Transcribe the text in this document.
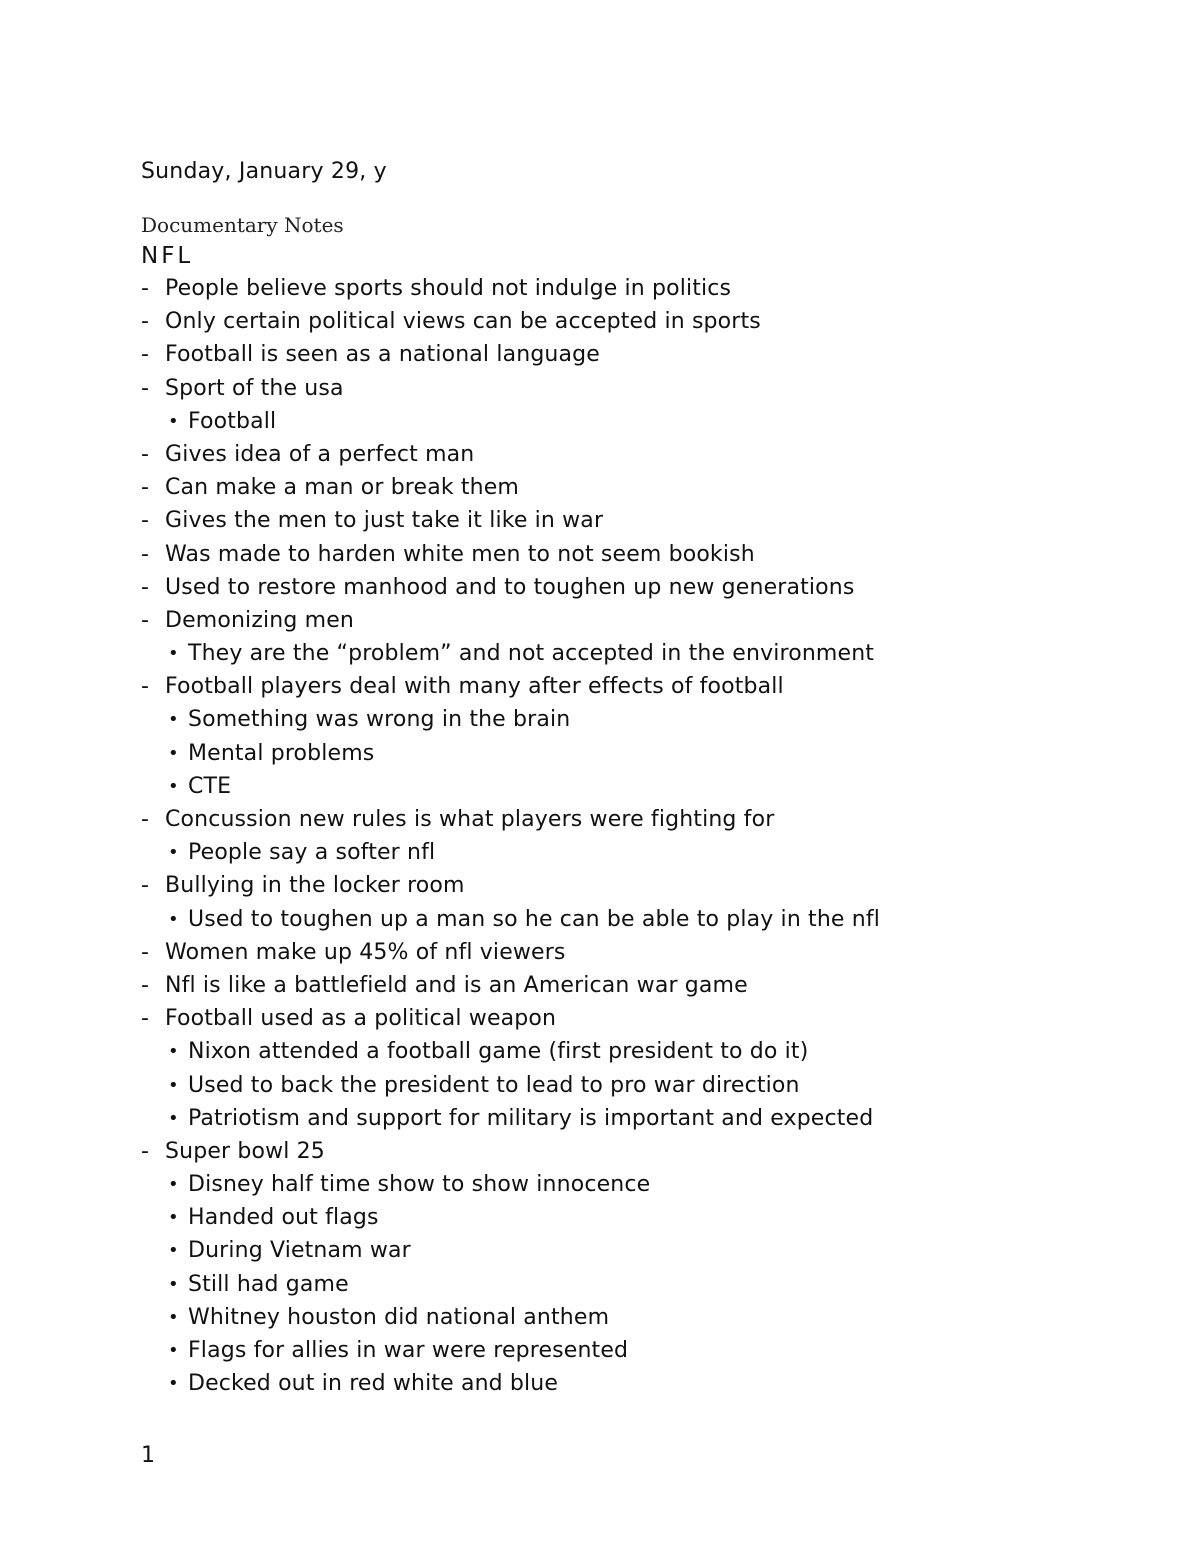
Sunday, January 29, y
Documentary Notes
NFL
- People believe sports should not indulge in politics
- Only certain political views can be accepted in sports
- Football is seen as a national language
- Sport of the usa
• Football
- Gives idea of a perfect man
- Can make a man or break them
- Gives the men to just take it like in war
- Was made to harden white men to not seem bookish
- Used to restore manhood and to toughen up new generations
- Demonizing men
• They are the “problem” and not accepted in the environment
- Football players deal with many after effects of football
• Something was wrong in the brain
• Mental problems
• CTE
- Concussion new rules is what players were fighting for
• People say a softer nfl
- Bullying in the locker room
• Used to toughen up a man so he can be able to play in the nfl
- Women make up 45% of nfl viewers
- Nfl is like a battlefield and is an American war game
- Football used as a political weapon
• Nixon attended a football game (first president to do it)
• Used to back the president to lead to pro war direction
• Patriotism and support for military is important and expected
- Super bowl 25
• Disney half time show to show innocence
• Handed out flags
• During Vietnam war
• Still had game
• Whitney houston did national anthem
• Flags for allies in war were represented
• Decked out in red white and blue
1
